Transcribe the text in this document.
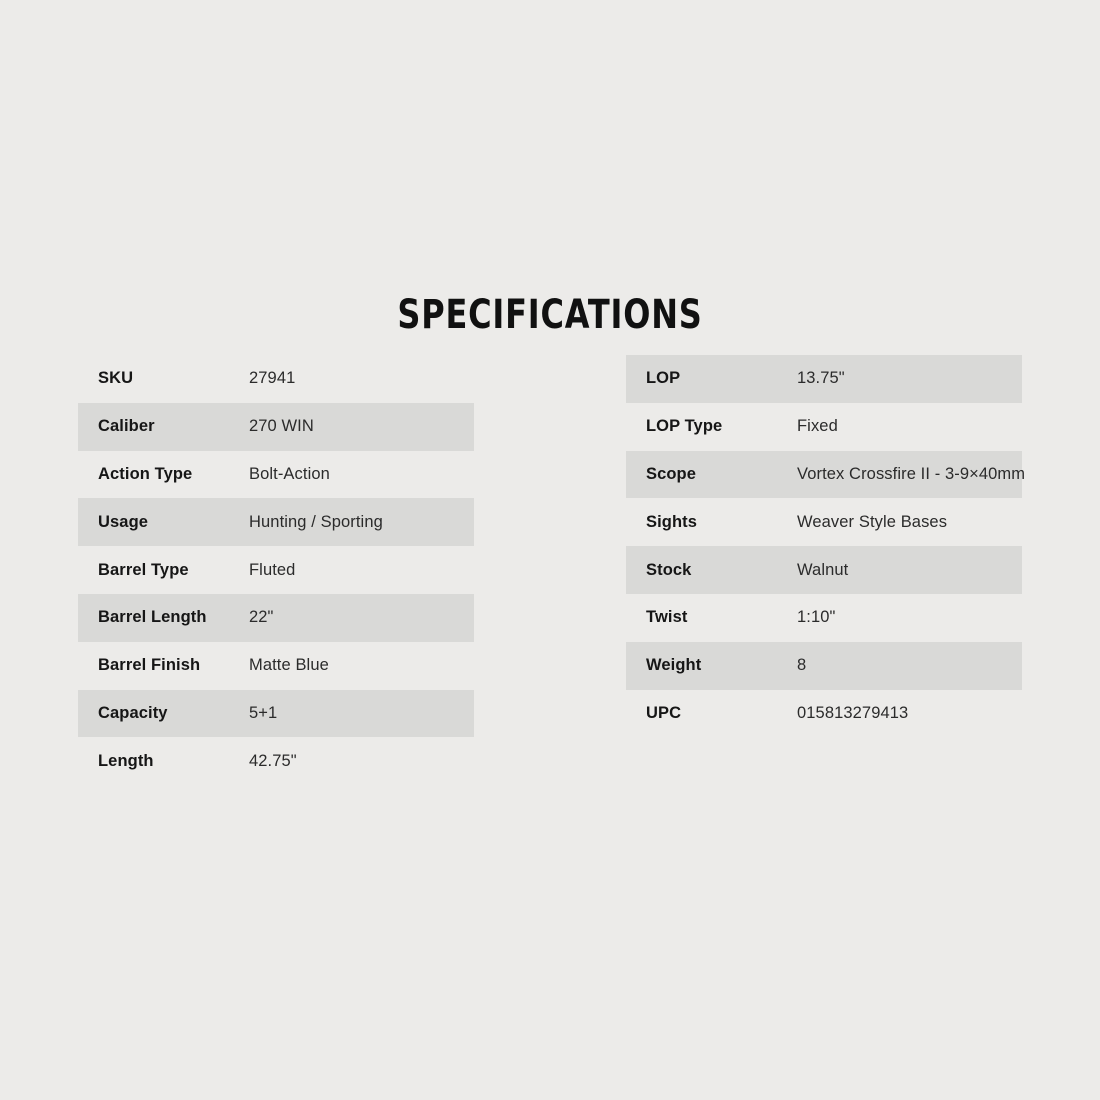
SPECIFICATIONS
SKU	27941
Caliber	270 WIN
Action Type	Bolt-Action
Usage	Hunting / Sporting
Barrel Type	Fluted
Barrel Length	22"
Barrel Finish	Matte Blue
Capacity	5+1
Length	42.75"
LOP	13.75"
LOP Type	Fixed
Scope	Vortex Crossfire II - 3-9×40mm
Sights	Weaver Style Bases
Stock	Walnut
Twist	1:10"
Weight	8
UPC	015813279413
